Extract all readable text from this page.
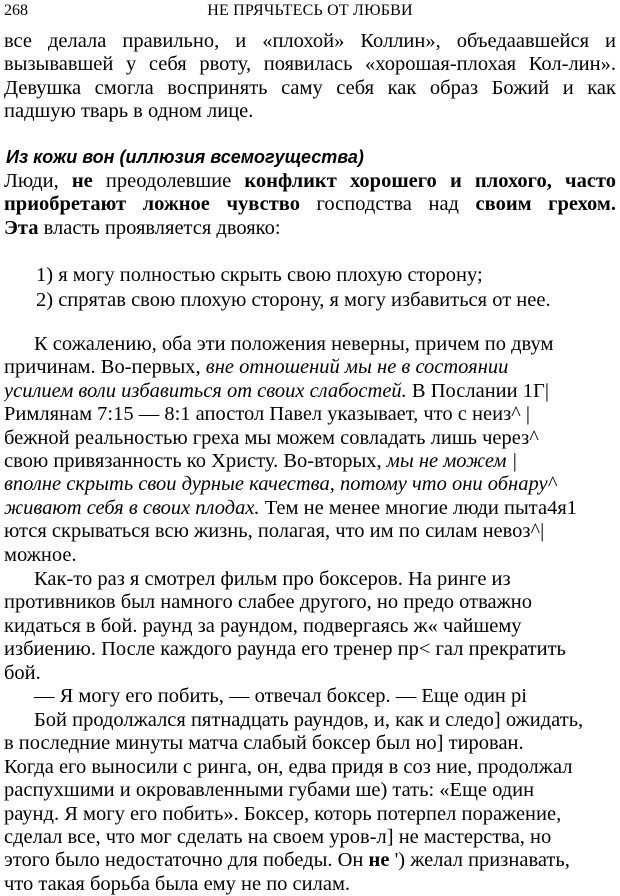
268	НЕ ПРЯЧЬТЕСЬ ОТ ЛЮБВИ
все делала правильно, и «плохой» Коллин», объедаавшейся и
вызывавшей у себя рвоту, появилась «хорошая-плохая Кол-лин».
Девушка смогла воспринять саму себя как образ Божий и как
падшую тварь в одном лице.
Из кожи вон (иллюзия всемогущества)
Люди, не преодолевшие конфликт хорошего и плохого, часто
приобретают ложное чувство господства над своим грехом.
Эта власть проявляется двояко:
1) я могу полностью скрыть свою плохую сторону;
2) спрятав свою плохую сторону, я могу избавиться от нее.
К сожалению, оба эти положения неверны, причем по двум
причинам. Во-первых, вне отношений мы не в состоянии
усилием воли избавиться от своих слабостей. В Послании 1Г|
Римлянам 7:15 — 8:1 апостол Павел указывает, что с неиз^ |
бежной реальностью греха мы можем совладать лишь через^
свою привязанность ко Христу. Во-вторых, мы не можем |
вполне скрыть свои дурные качества, потому что они обнару^
живают себя в своих плодах. Тем не менее многие люди пыта4я1
ются скрываться всю жизнь, полагая, что им по силам невоз^|
можное.
Как-то раз я смотрел фильм про боксеров. На ринге из
противников был намного слабее другого, но предо отважно
кидаться в бой. раунд за раундом, подвергаясь ж« чайшему
избиению. После каждого раунда его тренер пр< гал прекратить
бой.
— Я могу его побить, — отвечал боксер. — Еще один рі
Бой продолжался пятнадцать раундов, и, как и следо] ожидать,
в последние минуты матча слабый боксер был но] тирован.
Когда его выносили с ринга, он, едва придя в соз ние, продолжал
распухшими и окровавленными губами ше) тать: «Еще один
раунд. Я могу его побить». Боксер, которь потерпел поражение,
сделал все, что мог сделать на своем уров-л] не мастерства, но
этого было недостаточно для победы. Он не ') желал признавать,
что такая борьба была ему не по силам.
